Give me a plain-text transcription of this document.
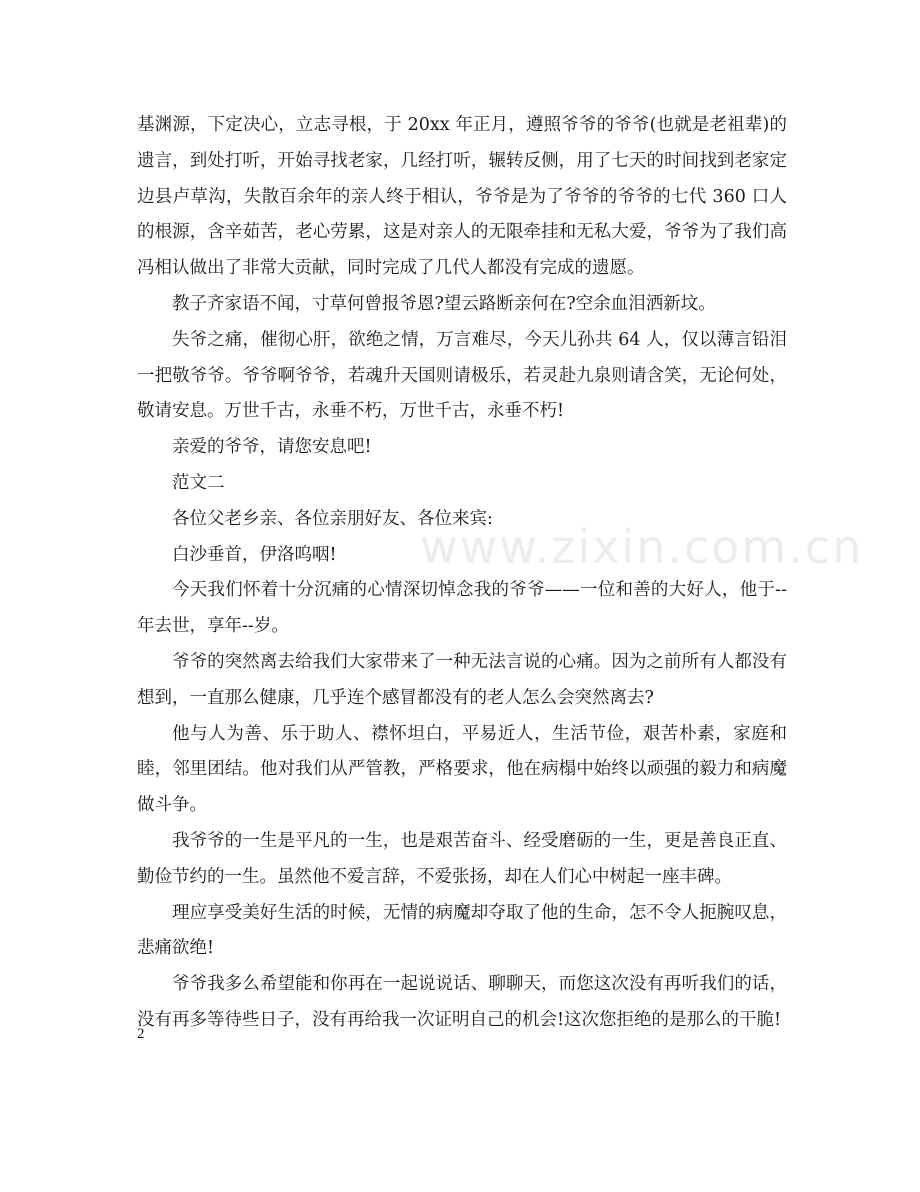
基渊源，下定决心，立志寻根，于 20xx 年正月，遵照爷爷的爷爷(也就是老祖辈)的遗言，到处打听，开始寻找老家，几经打听，辗转反侧，用了七天的时间找到老家定边县卢草沟，失散百余年的亲人终于相认，爷爷是为了爷爷的爷爷的七代 360 口人的根源，含辛茹苦，老心劳累，这是对亲人的无限牵挂和无私大爱，爷爷为了我们高冯相认做出了非常大贡献，同时完成了几代人都没有完成的遗愿。

教子齐家语不闻，寸草何曾报爷恩?望云路断亲何在?空余血泪洒新坟。

失爷之痛，催彻心肝，欲绝之情，万言难尽，今天儿孙共 64 人，仅以薄言铅泪一把敬爷爷。爷爷啊爷爷，若魂升天国则请极乐，若灵赴九泉则请含笑，无论何处，敬请安息。万世千古，永垂不朽，万世千古，永垂不朽!

亲爱的爷爷，请您安息吧!

范文二

各位父老乡亲、各位亲朋好友、各位来宾:

白沙垂首，伊洛呜咽!

今天我们怀着十分沉痛的心情深切悼念我的爷爷——一位和善的大好人，他于--年去世，享年--岁。

爷爷的突然离去给我们大家带来了一种无法言说的心痛。因为之前所有人都没有想到，一直那么健康，几乎连个感冒都没有的老人怎么会突然离去?

他与人为善、乐于助人、襟怀坦白，平易近人，生活节俭，艰苦朴素，家庭和睦，邻里团结。他对我们从严管教，严格要求，他在病榻中始终以顽强的毅力和病魔做斗争。

我爷爷的一生是平凡的一生，也是艰苦奋斗、经受磨砺的一生，更是善良正直、勤俭节约的一生。虽然他不爱言辞，不爱张扬，却在人们心中树起一座丰碑。

理应享受美好生活的时候，无情的病魔却夺取了他的生命，怎不令人扼腕叹息，悲痛欲绝!

爷爷我多么希望能和你再在一起说说话、聊聊天，而您这次没有再听我们的话，没有再多等待些日子，没有再给我一次证明自己的机会!这次您拒绝的是那么的干脆!

www.zixin.com.cn
2
